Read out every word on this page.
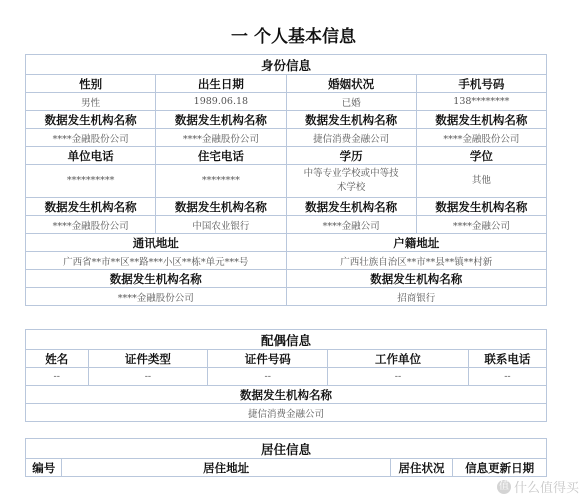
一 个人基本信息
身份信息			
性别	出生日期	婚姻状况	手机号码
男性	1989.06.18	已婚	138********
数据发生机构名称	数据发生机构名称	数据发生机构名称	数据发生机构名称
****金融股份公司	****金融股份公司	捷信消费金融公司	****金融股份公司
单位电话	住宅电话	学历	学位
**********	********	中等专业学校或中等技术学校	其他
数据发生机构名称	数据发生机构名称	数据发生机构名称	数据发生机构名称
****金融股份公司	中国农业银行	****金融公司	****金融公司
通讯地址		户籍地址	
广西省**市**区**路***小区**栋*单元***号		广西壮族自治区**市**县**镇**村新	
数据发生机构名称		数据发生机构名称	
****金融股份公司		招商银行	
配偶信息				
姓名	证件类型	证件号码	工作单位	联系电话
--	--	--	--	--
数据发生机构名称				
捷信消费金融公司				
居住信息
编号	居住地址	居住状况	信息更新日期
值 什么值得买
